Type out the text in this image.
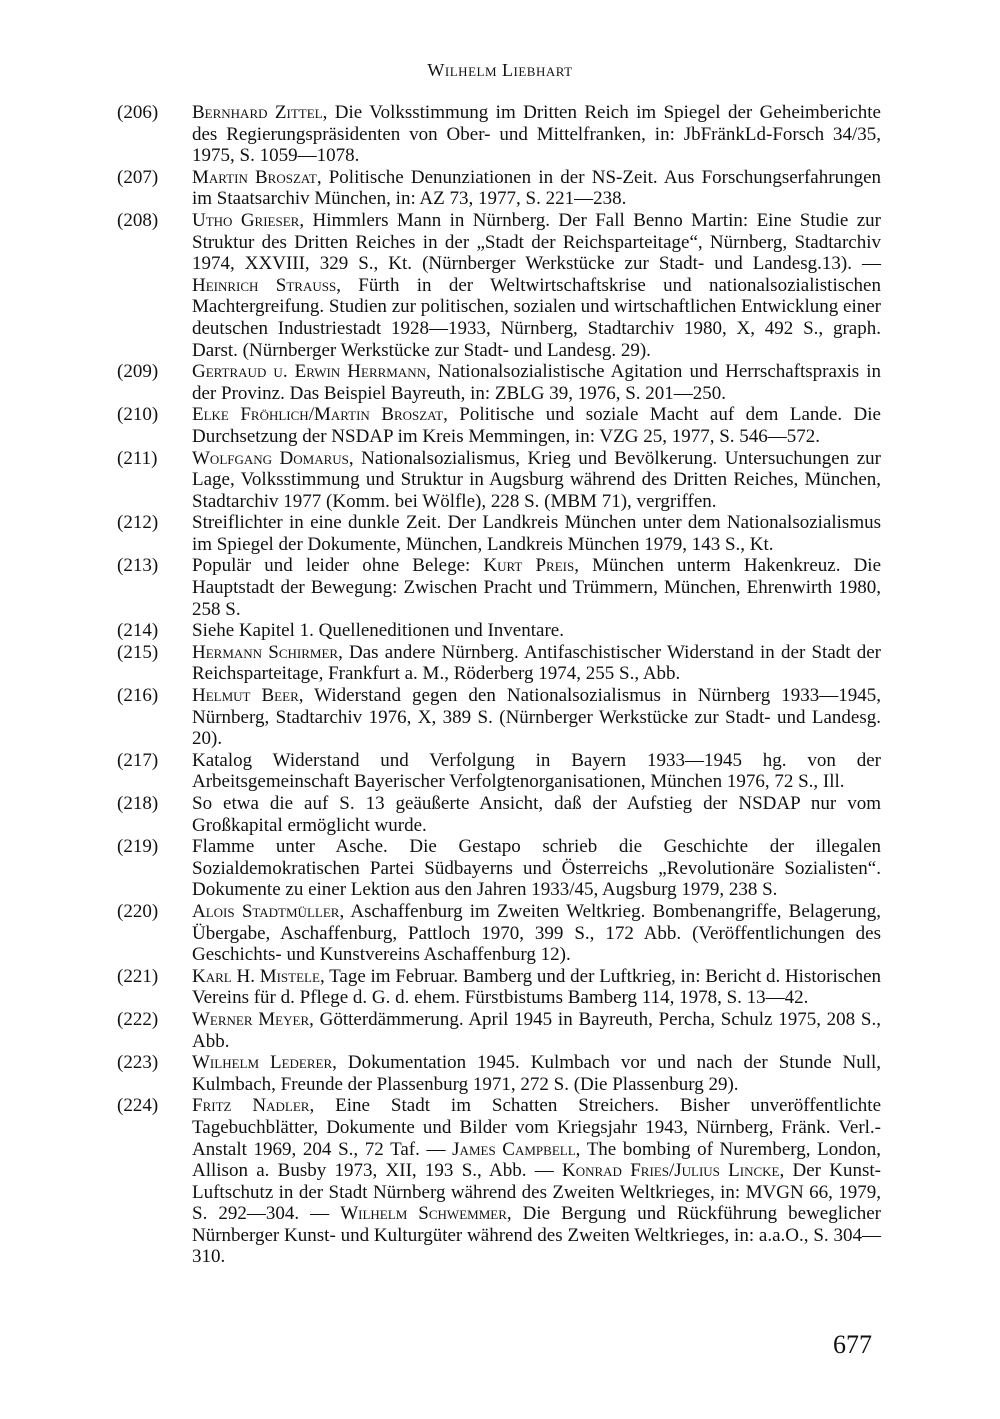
Wilhelm Liebhart
(206) Bernhard Zittel, Die Volksstimmung im Dritten Reich im Spiegel der Geheimberichte des Regierungspräsidenten von Ober- und Mittelfranken, in: JbFränkLd-Forsch 34/35, 1975, S. 1059—1078.
(207) Martin Broszat, Politische Denunziationen in der NS-Zeit. Aus Forschungserfahrungen im Staatsarchiv München, in: AZ 73, 1977, S. 221—238.
(208) Utho Grieser, Himmlers Mann in Nürnberg. Der Fall Benno Martin: Eine Studie zur Struktur des Dritten Reiches in der „Stadt der Reichsparteitage“, Nürnberg, Stadtarchiv 1974, XXVIII, 329 S., Kt. (Nürnberger Werkstücke zur Stadt- und Landesg.13). — Heinrich Strauss, Fürth in der Weltwirtschaftskrise und nationalsozialistischen Machtergreifung. Studien zur politischen, sozialen und wirtschaftlichen Entwicklung einer deutschen Industriestadt 1928—1933, Nürnberg, Stadtarchiv 1980, X, 492 S., graph. Darst. (Nürnberger Werkstücke zur Stadt- und Landesg. 29).
(209) Gertraud u. Erwin Herrmann, Nationalsozialistische Agitation und Herrschaftspraxis in der Provinz. Das Beispiel Bayreuth, in: ZBLG 39, 1976, S. 201—250.
(210) Elke Fröhlich/Martin Broszat, Politische und soziale Macht auf dem Lande. Die Durchsetzung der NSDAP im Kreis Memmingen, in: VZG 25, 1977, S. 546—572.
(211) Wolfgang Domarus, Nationalsozialismus, Krieg und Bevölkerung. Untersuchungen zur Lage, Volksstimmung und Struktur in Augsburg während des Dritten Reiches, München, Stadtarchiv 1977 (Komm. bei Wölfle), 228 S. (MBM 71), vergriffen.
(212) Streiflichter in eine dunkle Zeit. Der Landkreis München unter dem Nationalsozialismus im Spiegel der Dokumente, München, Landkreis München 1979, 143 S., Kt.
(213) Populär und leider ohne Belege: Kurt Preis, München unterm Hakenkreuz. Die Hauptstadt der Bewegung: Zwischen Pracht und Trümmern, München, Ehrenwirth 1980, 258 S.
(214) Siehe Kapitel 1. Quelleneditionen und Inventare.
(215) Hermann Schirmer, Das andere Nürnberg. Antifaschistischer Widerstand in der Stadt der Reichsparteitage, Frankfurt a. M., Röderberg 1974, 255 S., Abb.
(216) Helmut Beer, Widerstand gegen den Nationalsozialismus in Nürnberg 1933—1945, Nürnberg, Stadtarchiv 1976, X, 389 S. (Nürnberger Werkstücke zur Stadt- und Landesg. 20).
(217) Katalog Widerstand und Verfolgung in Bayern 1933—1945 hg. von der Arbeitsgemeinschaft Bayerischer Verfolgtenorganisationen, München 1976, 72 S., Ill.
(218) So etwa die auf S. 13 geäußerte Ansicht, daß der Aufstieg der NSDAP nur vom Großkapital ermöglicht wurde.
(219) Flamme unter Asche. Die Gestapo schrieb die Geschichte der illegalen Sozialdemokratischen Partei Südbayerns und Österreichs „Revolutionäre Sozialisten“. Dokumente zu einer Lektion aus den Jahren 1933/45, Augsburg 1979, 238 S.
(220) Alois Stadtmüller, Aschaffenburg im Zweiten Weltkrieg. Bombenangriffe, Belagerung, Übergabe, Aschaffenburg, Pattloch 1970, 399 S., 172 Abb. (Veröffentlichungen des Geschichts- und Kunstvereins Aschaffenburg 12).
(221) Karl H. Mistele, Tage im Februar. Bamberg und der Luftkrieg, in: Bericht d. Historischen Vereins für d. Pflege d. G. d. ehem. Fürstbistums Bamberg 114, 1978, S. 13—42.
(222) Werner Meyer, Götterdämmerung. April 1945 in Bayreuth, Percha, Schulz 1975, 208 S., Abb.
(223) Wilhelm Lederer, Dokumentation 1945. Kulmbach vor und nach der Stunde Null, Kulmbach, Freunde der Plassenburg 1971, 272 S. (Die Plassenburg 29).
(224) Fritz Nadler, Eine Stadt im Schatten Streichers. Bisher unveröffentlichte Tagebuchblätter, Dokumente und Bilder vom Kriegsjahr 1943, Nürnberg, Fränk. Verl.-Anstalt 1969, 204 S., 72 Taf. — James Campbell, The bombing of Nuremberg, London, Allison a. Busby 1973, XII, 193 S., Abb. — Konrad Fries/Julius Lincke, Der Kunst-Luftschutz in der Stadt Nürnberg während des Zweiten Weltkrieges, in: MVGN 66, 1979, S. 292—304. — Wilhelm Schwemmer, Die Bergung und Rückführung beweglicher Nürnberger Kunst- und Kulturgüter während des Zweiten Weltkrieges, in: a.a.O., S. 304—310.
677
